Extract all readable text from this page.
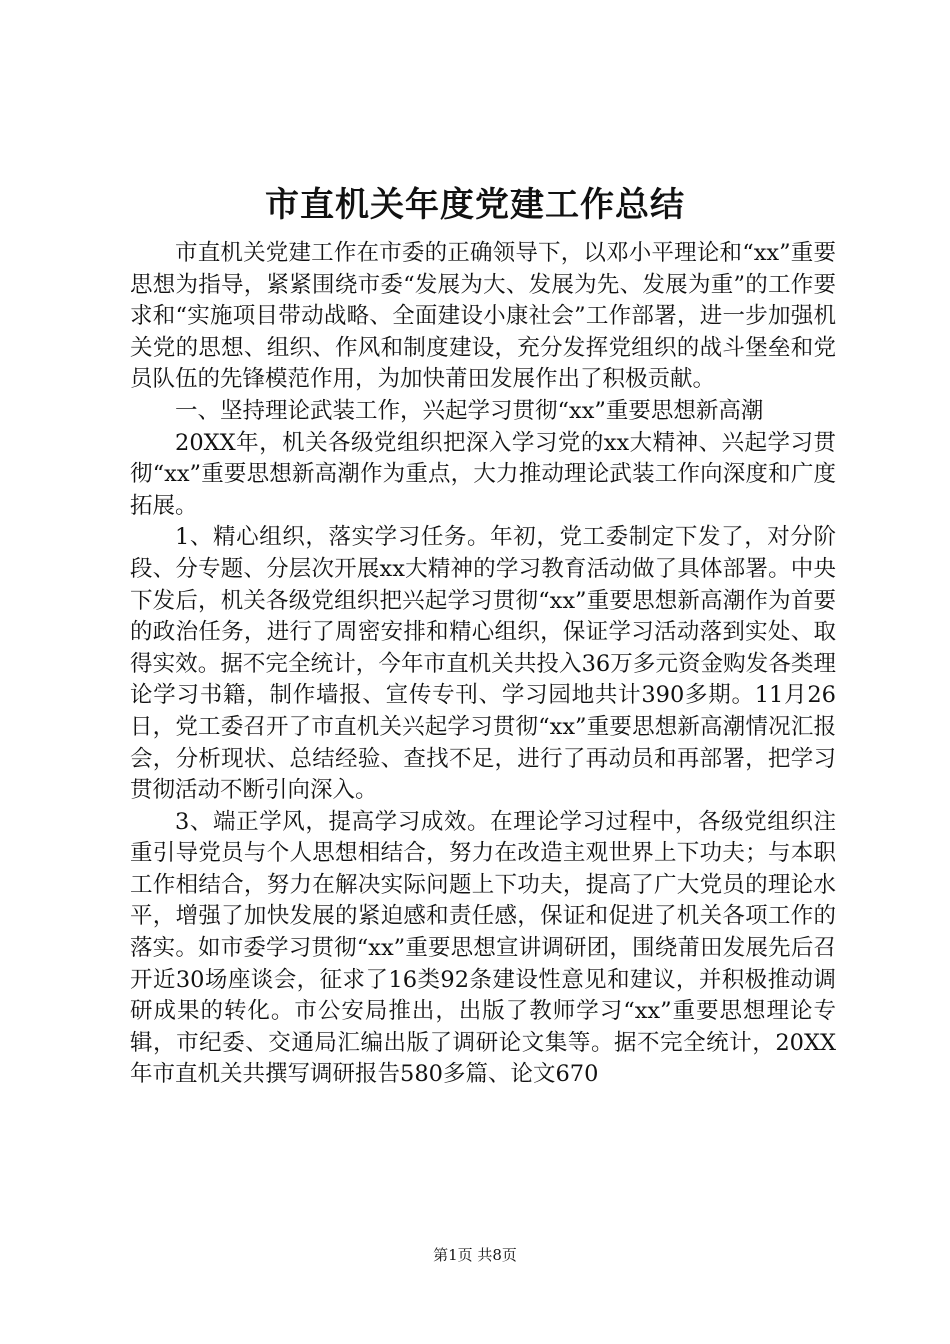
市直机关年度党建工作总结

市直机关党建工作在市委的正确领导下，以邓小平理论和“xx”重要思想为指导，紧紧围绕市委“发展为大、发展为先、发展为重”的工作要求和“实施项目带动战略、全面建设小康社会”工作部署，进一步加强机关党的思想、组织、作风和制度建设，充分发挥党组织的战斗堡垒和党员队伍的先锋模范作用，为加快莆田发展作出了积极贡献。

一、坚持理论武装工作，兴起学习贯彻“xx”重要思想新高潮

20XX年，机关各级党组织把深入学习党的xx大精神、兴起学习贯彻“xx”重要思想新高潮作为重点，大力推动理论武装工作向深度和广度拓展。

1、精心组织，落实学习任务。年初，党工委制定下发了，对分阶段、分专题、分层次开展xx大精神的学习教育活动做了具体部署。中央下发后，机关各级党组织把兴起学习贯彻“xx”重要思想新高潮作为首要的政治任务，进行了周密安排和精心组织，保证学习活动落到实处、取得实效。据不完全统计，今年市直机关共投入36万多元资金购发各类理论学习书籍，制作墙报、宣传专刊、学习园地共计390多期。11月26日，党工委召开了市直机关兴起学习贯彻“xx”重要思想新高潮情况汇报会，分析现状、总结经验、查找不足，进行了再动员和再部署，把学习贯彻活动不断引向深入。

3、端正学风，提高学习成效。在理论学习过程中，各级党组织注重引导党员与个人思想相结合，努力在改造主观世界上下功夫；与本职工作相结合，努力在解决实际问题上下功夫，提高了广大党员的理论水平，增强了加快发展的紧迫感和责任感，保证和促进了机关各项工作的落实。如市委学习贯彻“xx”重要思想宣讲调研团，围绕莆田发展先后召开近30场座谈会，征求了16类92条建设性意见和建议，并积极推动调研成果的转化。市公安局推出，出版了教师学习“xx”重要思想理论专辑，市纪委、交通局汇编出版了调研论文集等。据不完全统计，20XX年市直机关共撰写调研报告580多篇、论文670

第1页 共8页
